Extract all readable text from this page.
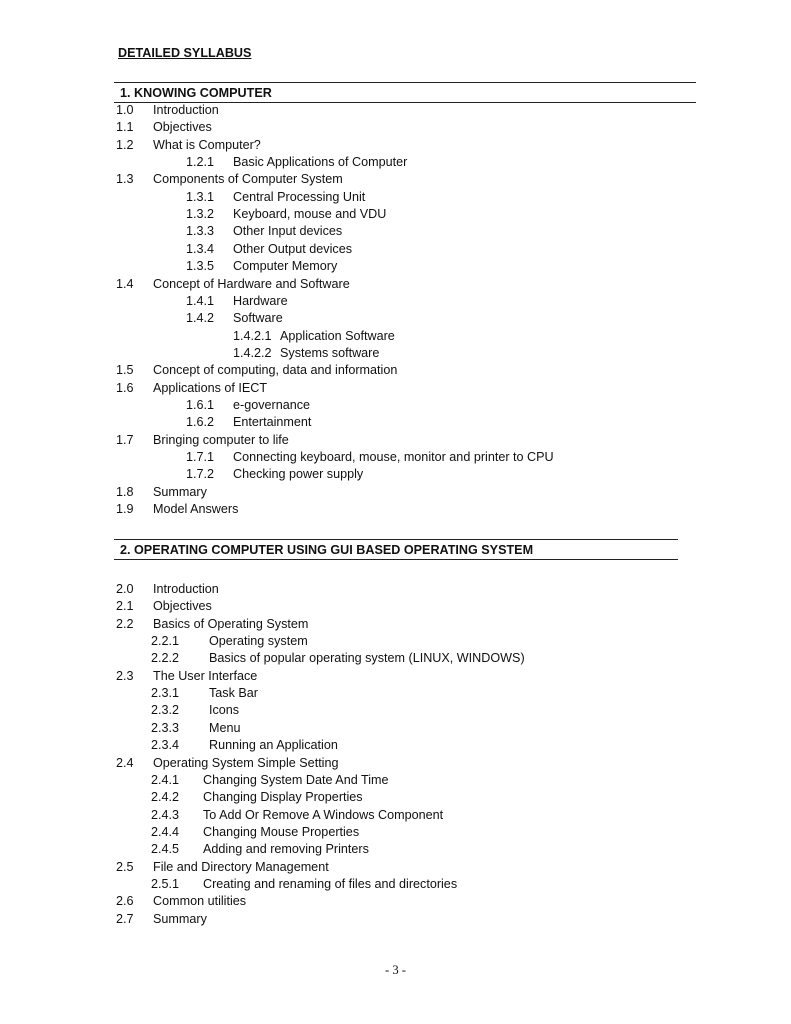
DETAILED SYLLABUS
1. KNOWING COMPUTER
1.0 Introduction
1.1 Objectives
1.2 What is Computer?
1.2.1 Basic Applications of Computer
1.3 Components of Computer System
1.3.1 Central Processing Unit
1.3.2 Keyboard, mouse and VDU
1.3.3 Other Input devices
1.3.4 Other Output devices
1.3.5 Computer Memory
1.4 Concept of Hardware and Software
1.4.1 Hardware
1.4.2 Software
1.4.2.1 Application Software
1.4.2.2 Systems software
1.5 Concept of computing, data and information
1.6 Applications of IECT
1.6.1 e-governance
1.6.2 Entertainment
1.7 Bringing computer to life
1.7.1 Connecting keyboard, mouse, monitor and printer to CPU
1.7.2 Checking power supply
1.8 Summary
1.9 Model Answers
2. OPERATING COMPUTER USING GUI BASED OPERATING SYSTEM
2.0 Introduction
2.1 Objectives
2.2 Basics of Operating System
2.2.1 Operating system
2.2.2 Basics of popular operating system (LINUX, WINDOWS)
2.3 The User Interface
2.3.1 Task Bar
2.3.2 Icons
2.3.3 Menu
2.3.4 Running an Application
2.4 Operating System Simple Setting
2.4.1 Changing System Date And Time
2.4.2 Changing Display Properties
2.4.3 To Add Or Remove A Windows Component
2.4.4 Changing Mouse Properties
2.4.5 Adding and removing Printers
2.5 File and Directory Management
2.5.1 Creating and renaming of files and directories
2.6 Common utilities
2.7 Summary
- 3 -
